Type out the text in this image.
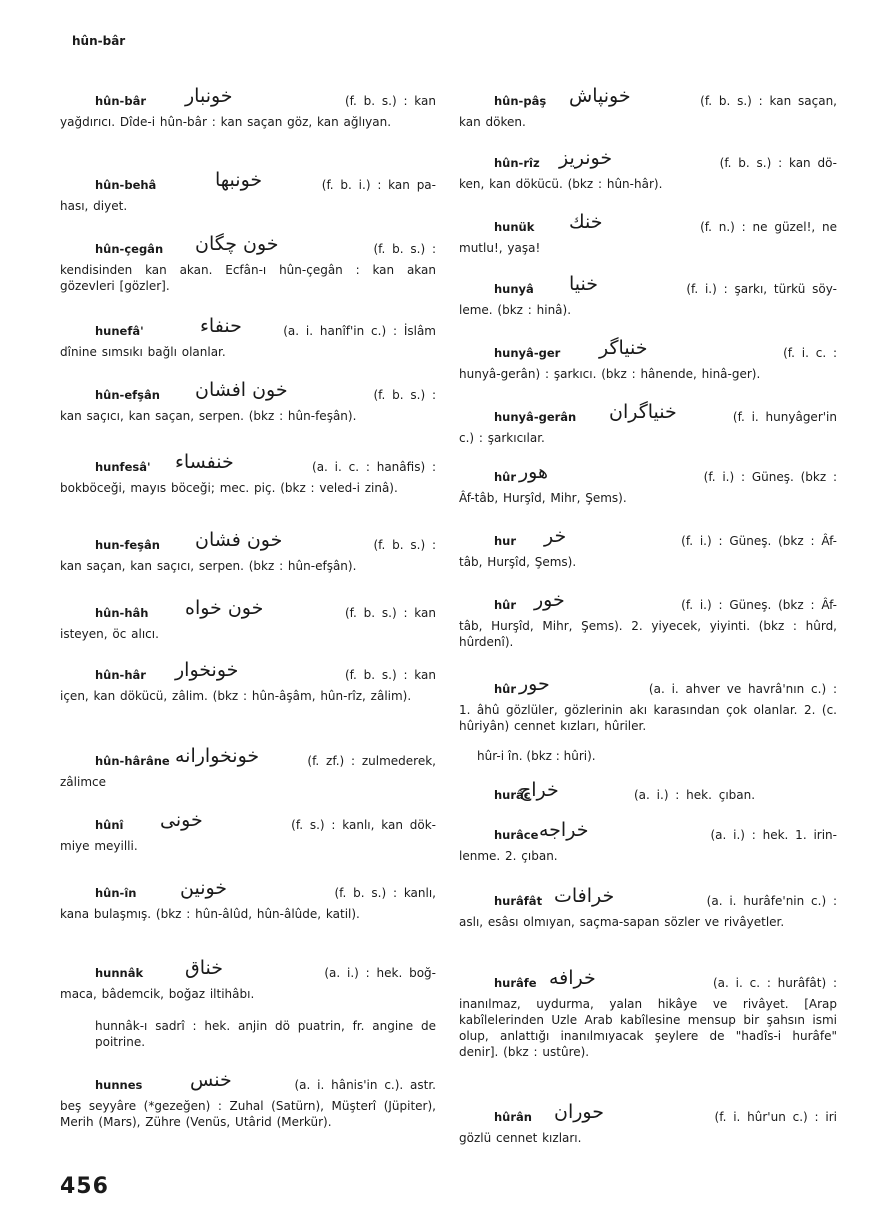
hûn-bâr
hûn-bâr خونبار	(f. b. s.) : kan
yağdırıcı. Dîde-i hûn-bâr : kan saçan göz, kan ağlıyan.
hûn-behâ	خونبها	(f. b. i.) : kan pa-
hası, diyet.
hûn-çegân خون چگان	(f. b. s.) :
kendisinden kan akan. Ecfân-ı hûn-çegân : kan akan gözevleri [gözler].
hunefâ'	حنفاء	(a. i. hanîf'in c.) : İslâm
dînine sımsıkı bağlı olanlar.
hûn-efşân خون افشان	(f. b. s.) :
kan saçıcı, kan saçan, serpen. (bkz : hûn-feşân).
hunfesâ' خنفساء	(a. i. c. : hanâfis) :
bokböceği, mayıs böceği; mec. piç. (bkz : veled-i zinâ).
hun-feşân خون فشان	(f. b. s.) :
kan saçan, kan saçıcı, serpen. (bkz : hûn-efşân).
hûn-hâh خون خواه	(f. b. s.) : kan
isteyen, öc alıcı.
hûn-hâr خونخوار	(f. b. s.) : kan
içen, kan dökücü, zâlim. (bkz : hûn-âşâm, hûn-rîz, zâlim).
hûn-hârâne خونخوارانه	(f. zf.) : zulmederek,
zâlimce
hûnî خونى	(f. s.) : kanlı, kan dök-
miye meyilli.
hûn-în خونين	(f. b. s.) : kanlı,
kana bulaşmış. (bkz : hûn-âlûd, hûn-âlûde, katil).
hunnâk خناق	(a. i.) : hek. boğ-
maca, bâdemcik, boğaz iltihâbı.
hunnâk-ı sadrî : hek. anjin dö puatrin, fr. angine de poitrine.
hunnes	خنس	(a. i. hânis'in c.). astr.
beş seyyâre (*gezeğen) : Zuhal (Satürn), Müşterî (Jüpiter), Merih (Mars), Zühre (Venüs, Utârid (Merkür).
hûn-pâş خونپاش	(f. b. s.) : kan saçan,
kan döken.
hûn-rîz خونريز	(f. b. s.) : kan dö-
ken, kan dökücü. (bkz : hûn-hâr).
hunük خنك	(f. n.) : ne güzel!, ne
mutlu!, yaşa!
hunyâ خنيا	(f. i.) : şarkı, türkü söy-
leme. (bkz : hinâ).
hunyâ-ger خنياگر	(f. i. c. :
hunyâ-gerân) : şarkıcı. (bkz : hânende, hinâ-ger).
hunyâ-gerân خنياگران	(f. i. hunyâger'in
c.) : şarkıcılar.
hûr هور	(f. i.) : Güneş. (bkz :
Âf-tâb, Hurşîd, Mihr, Şems).
hur خر	(f. i.) : Güneş. (bkz : Âf-
tâb, Hurşîd, Şems).
hûr خور	(f. i.) : Güneş. (bkz : Âf-
tâb, Hurşîd, Mihr, Şems). 2. yiyecek, yiyinti. (bkz : hûrd, hûrdenî).
hûr حور	(a. i. ahver ve havrâ'nın c.) :
1. âhû gözlüler, gözlerinin akı karasından çok olanlar. 2. (c. hûriyân) cennet kızları, hûriler.
hûr-i în. (bkz : hûri).
hurâc
خراج	(a. i.) : hek. çıban.
hurâce خراجه	(a. i.) : hek. 1. irin-
lenme. 2. çıban.
hurâfât خرافات	(a. i. hurâfe'nin c.) :
aslı, esâsı olmıyan, saçma-sapan sözler ve rivâyetler.
hurâfe خرافه	(a. i. c. : hurâfât) :
inanılmaz, uydurma, yalan hikâye ve rivâyet. [Arap kabîlelerinden Uzle Arab kabîlesine mensup bir şahsın ismi olup, anlattığı inanılmıyacak şeylere de "hadîs-i hurâfe" denir]. (bkz : ustûre).
hûrân حوران	(f. i. hûr'un c.) : iri
gözlü cennet kızları.
456
